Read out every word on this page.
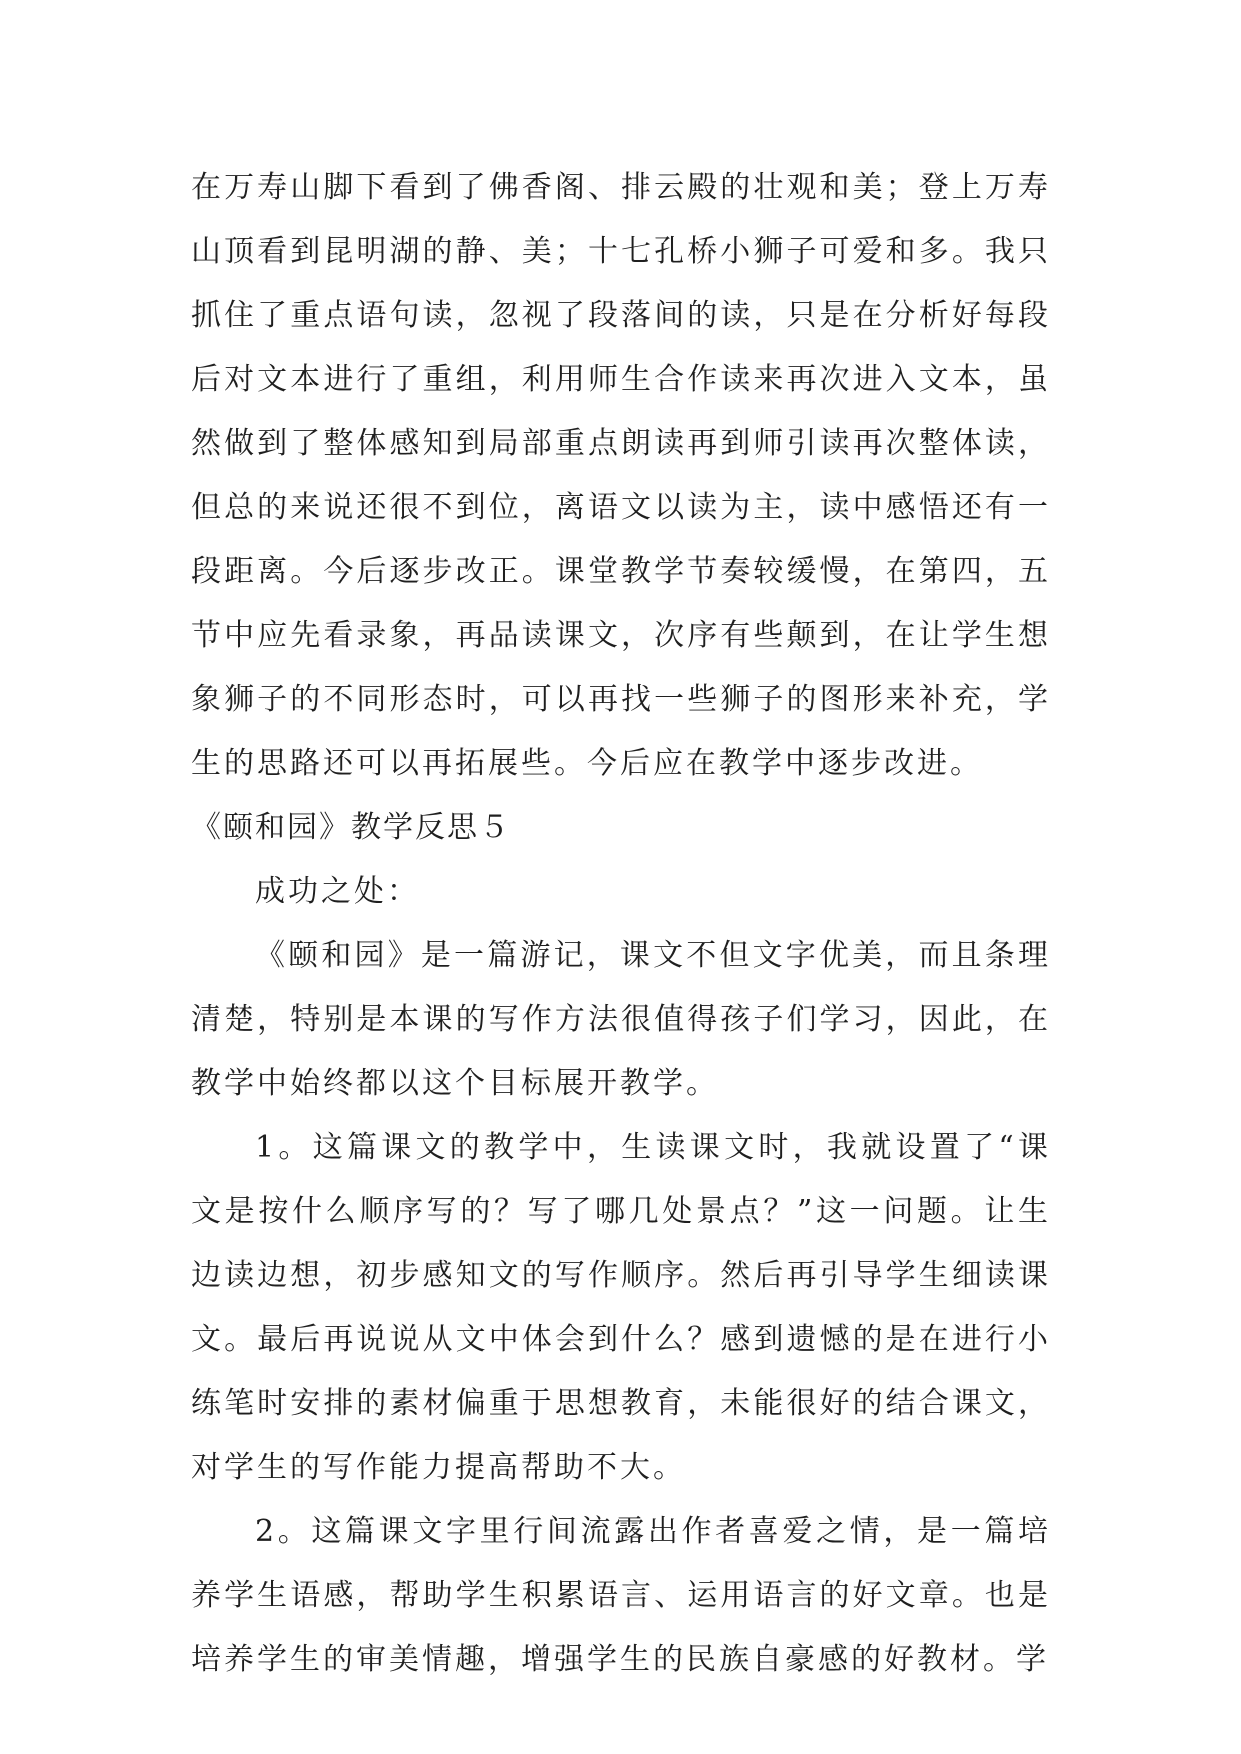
在万寿山脚下看到了佛香阁、排云殿的壮观和美；登上万寿山顶看到昆明湖的静、美；十七孔桥小狮子可爱和多。我只抓住了重点语句读，忽视了段落间的读，只是在分析好每段后对文本进行了重组，利用师生合作读来再次进入文本，虽然做到了整体感知到局部重点朗读再到师引读再次整体读，但总的来说还很不到位，离语文以读为主，读中感悟还有一段距离。今后逐步改正。课堂教学节奏较缓慢，在第四，五节中应先看录象，再品读课文，次序有些颠到，在让学生想象狮子的不同形态时，可以再找一些狮子的图形来补充，学生的思路还可以再拓展些。今后应在教学中逐步改进。

《颐和园》教学反思５

成功之处：

《颐和园》是一篇游记，课文不但文字优美，而且条理清楚，特别是本课的写作方法很值得孩子们学习，因此，在教学中始终都以这个目标展开教学。

1。这篇课文的教学中，生读课文时，我就设置了“课文是按什么顺序写的？写了哪几处景点？”这一问题。让生边读边想，初步感知文的写作顺序。然后再引导学生细读课文。最后再说说从文中体会到什么？感到遗憾的是在进行小练笔时安排的素材偏重于思想教育，未能很好的结合课文，对学生的写作能力提高帮助不大。

2。这篇课文字里行间流露出作者喜爱之情，是一篇培养学生语感，帮助学生积累语言、运用语言的好文章。也是培养学生的审美情趣，增强学生的民族自豪感的好教材。学
